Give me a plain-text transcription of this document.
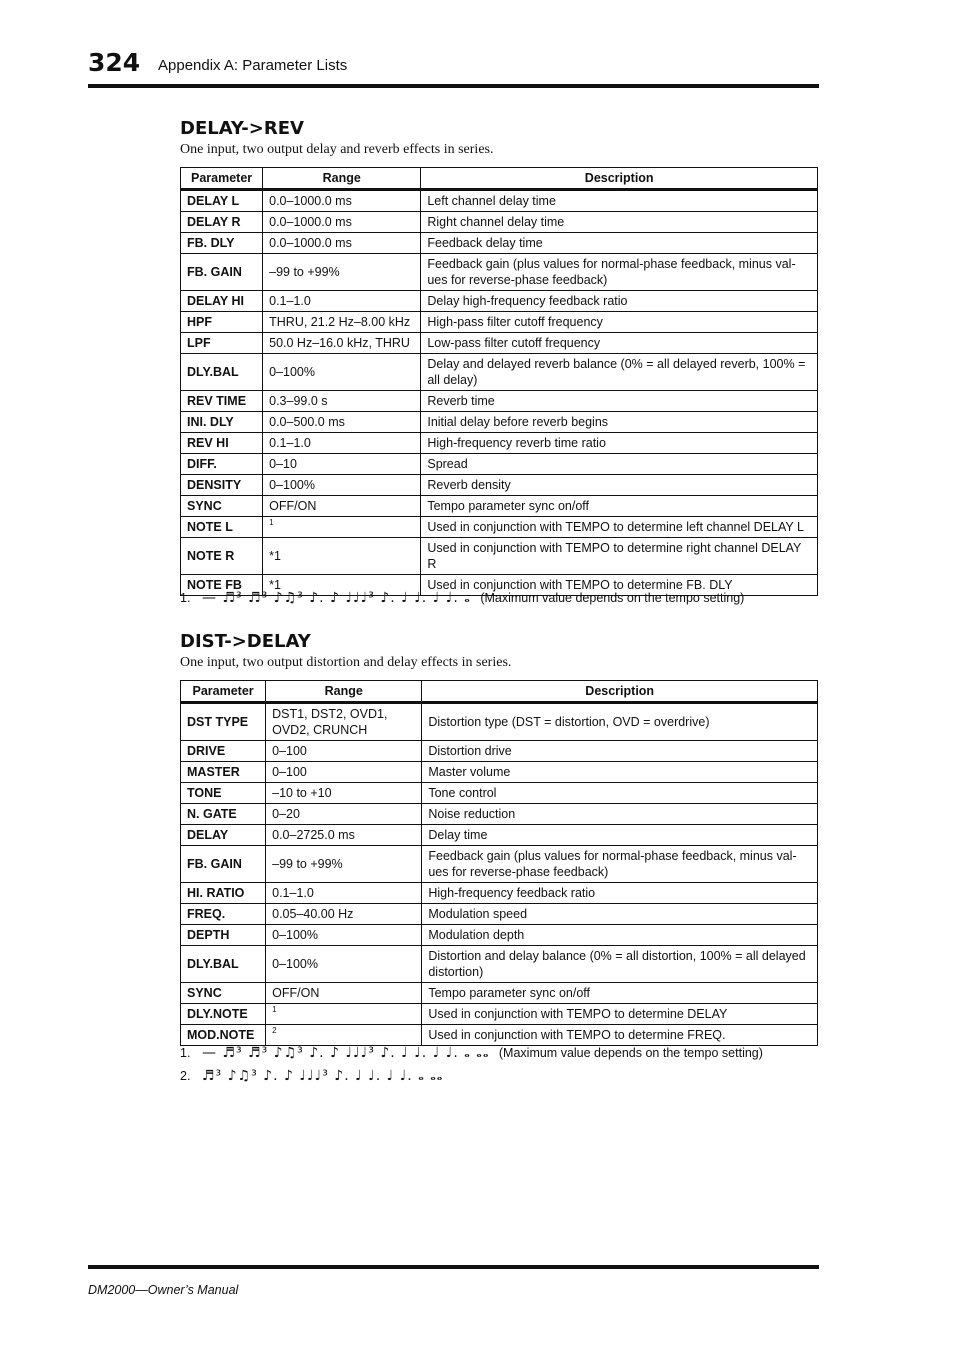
324 Appendix A: Parameter Lists
DELAY->REV

One input, two output delay and reverb effects in series.

Parameter	Range	Description
DELAY L	0.0–1000.0 ms	Left channel delay time
DELAY R	0.0–1000.0 ms	Right channel delay time
FB. DLY	0.0–1000.0 ms	Feedback delay time
FB. GAIN	–99 to +99%	Feedback gain (plus values for normal-phase feedback, minus val-ues for reverse-phase feedback)
DELAY HI	0.1–1.0	Delay high-frequency feedback ratio
HPF	THRU, 21.2 Hz–8.00 kHz	High-pass filter cutoff frequency
LPF	50.0 Hz–16.0 kHz, THRU	Low-pass filter cutoff frequency
DLY.BAL	0–100%	Delay and delayed reverb balance (0% = all delayed reverb, 100% = all delay)
REV TIME	0.3–99.0 s	Reverb time
INI. DLY	0.0–500.0 ms	Initial delay before reverb begins
REV HI	0.1–1.0	High-frequency reverb time ratio
DIFF.	0–10	Spread
DENSITY	0–100%	Reverb density
SYNC	OFF/ON	Tempo parameter sync on/off
NOTE L	$^1$	Used in conjunction with TEMPO to determine left channel DELAY L
NOTE R	*1	Used in conjunction with TEMPO to determine right channel DELAY R
NOTE FB	*1	Used in conjunction with TEMPO to determine FB. DLY
1. — ♬³ ♬³ ♪♫³ ♪. ♪ ♩♩♩³ ♪. ♩ ♩. ♩ ♩. 𝅝 (Maximum value depends on the tempo setting)
DIST->DELAY

One input, two output distortion and delay effects in series.

Parameter	Range	Description
DST TYPE	DST1, DST2, OVD1, OVD2, CRUNCH	Distortion type (DST = distortion, OVD = overdrive)
DRIVE	0–100	Distortion drive
MASTER	0–100	Master volume
TONE	–10 to +10	Tone control
N. GATE	0–20	Noise reduction
DELAY	0.0–2725.0 ms	Delay time
FB. GAIN	–99 to +99%	Feedback gain (plus values for normal-phase feedback, minus val-ues for reverse-phase feedback)
HI. RATIO	0.1–1.0	High-frequency feedback ratio
FREQ.	0.05–40.00 Hz	Modulation speed
DEPTH	0–100%	Modulation depth
DLY.BAL	0–100%	Distortion and delay balance (0% = all distortion, 100% = all delayed distortion)
SYNC	OFF/ON	Tempo parameter sync on/off
DLY.NOTE	$^1$	Used in conjunction with TEMPO to determine DELAY
MOD.NOTE	$^2$	Used in conjunction with TEMPO to determine FREQ.
1. — ♬³ ♬³ ♪♫³ ♪. ♪ ♩♩♩³ ♪. ♩ ♩. ♩ ♩. 𝅝 𝅝𝅝 (Maximum value depends on the tempo setting)
2. ♬³ ♪♫³ ♪. ♪ ♩♩♩³ ♪. ♩ ♩. ♩ ♩. 𝅝 𝅝𝅝
DM2000—Owner’s Manual
